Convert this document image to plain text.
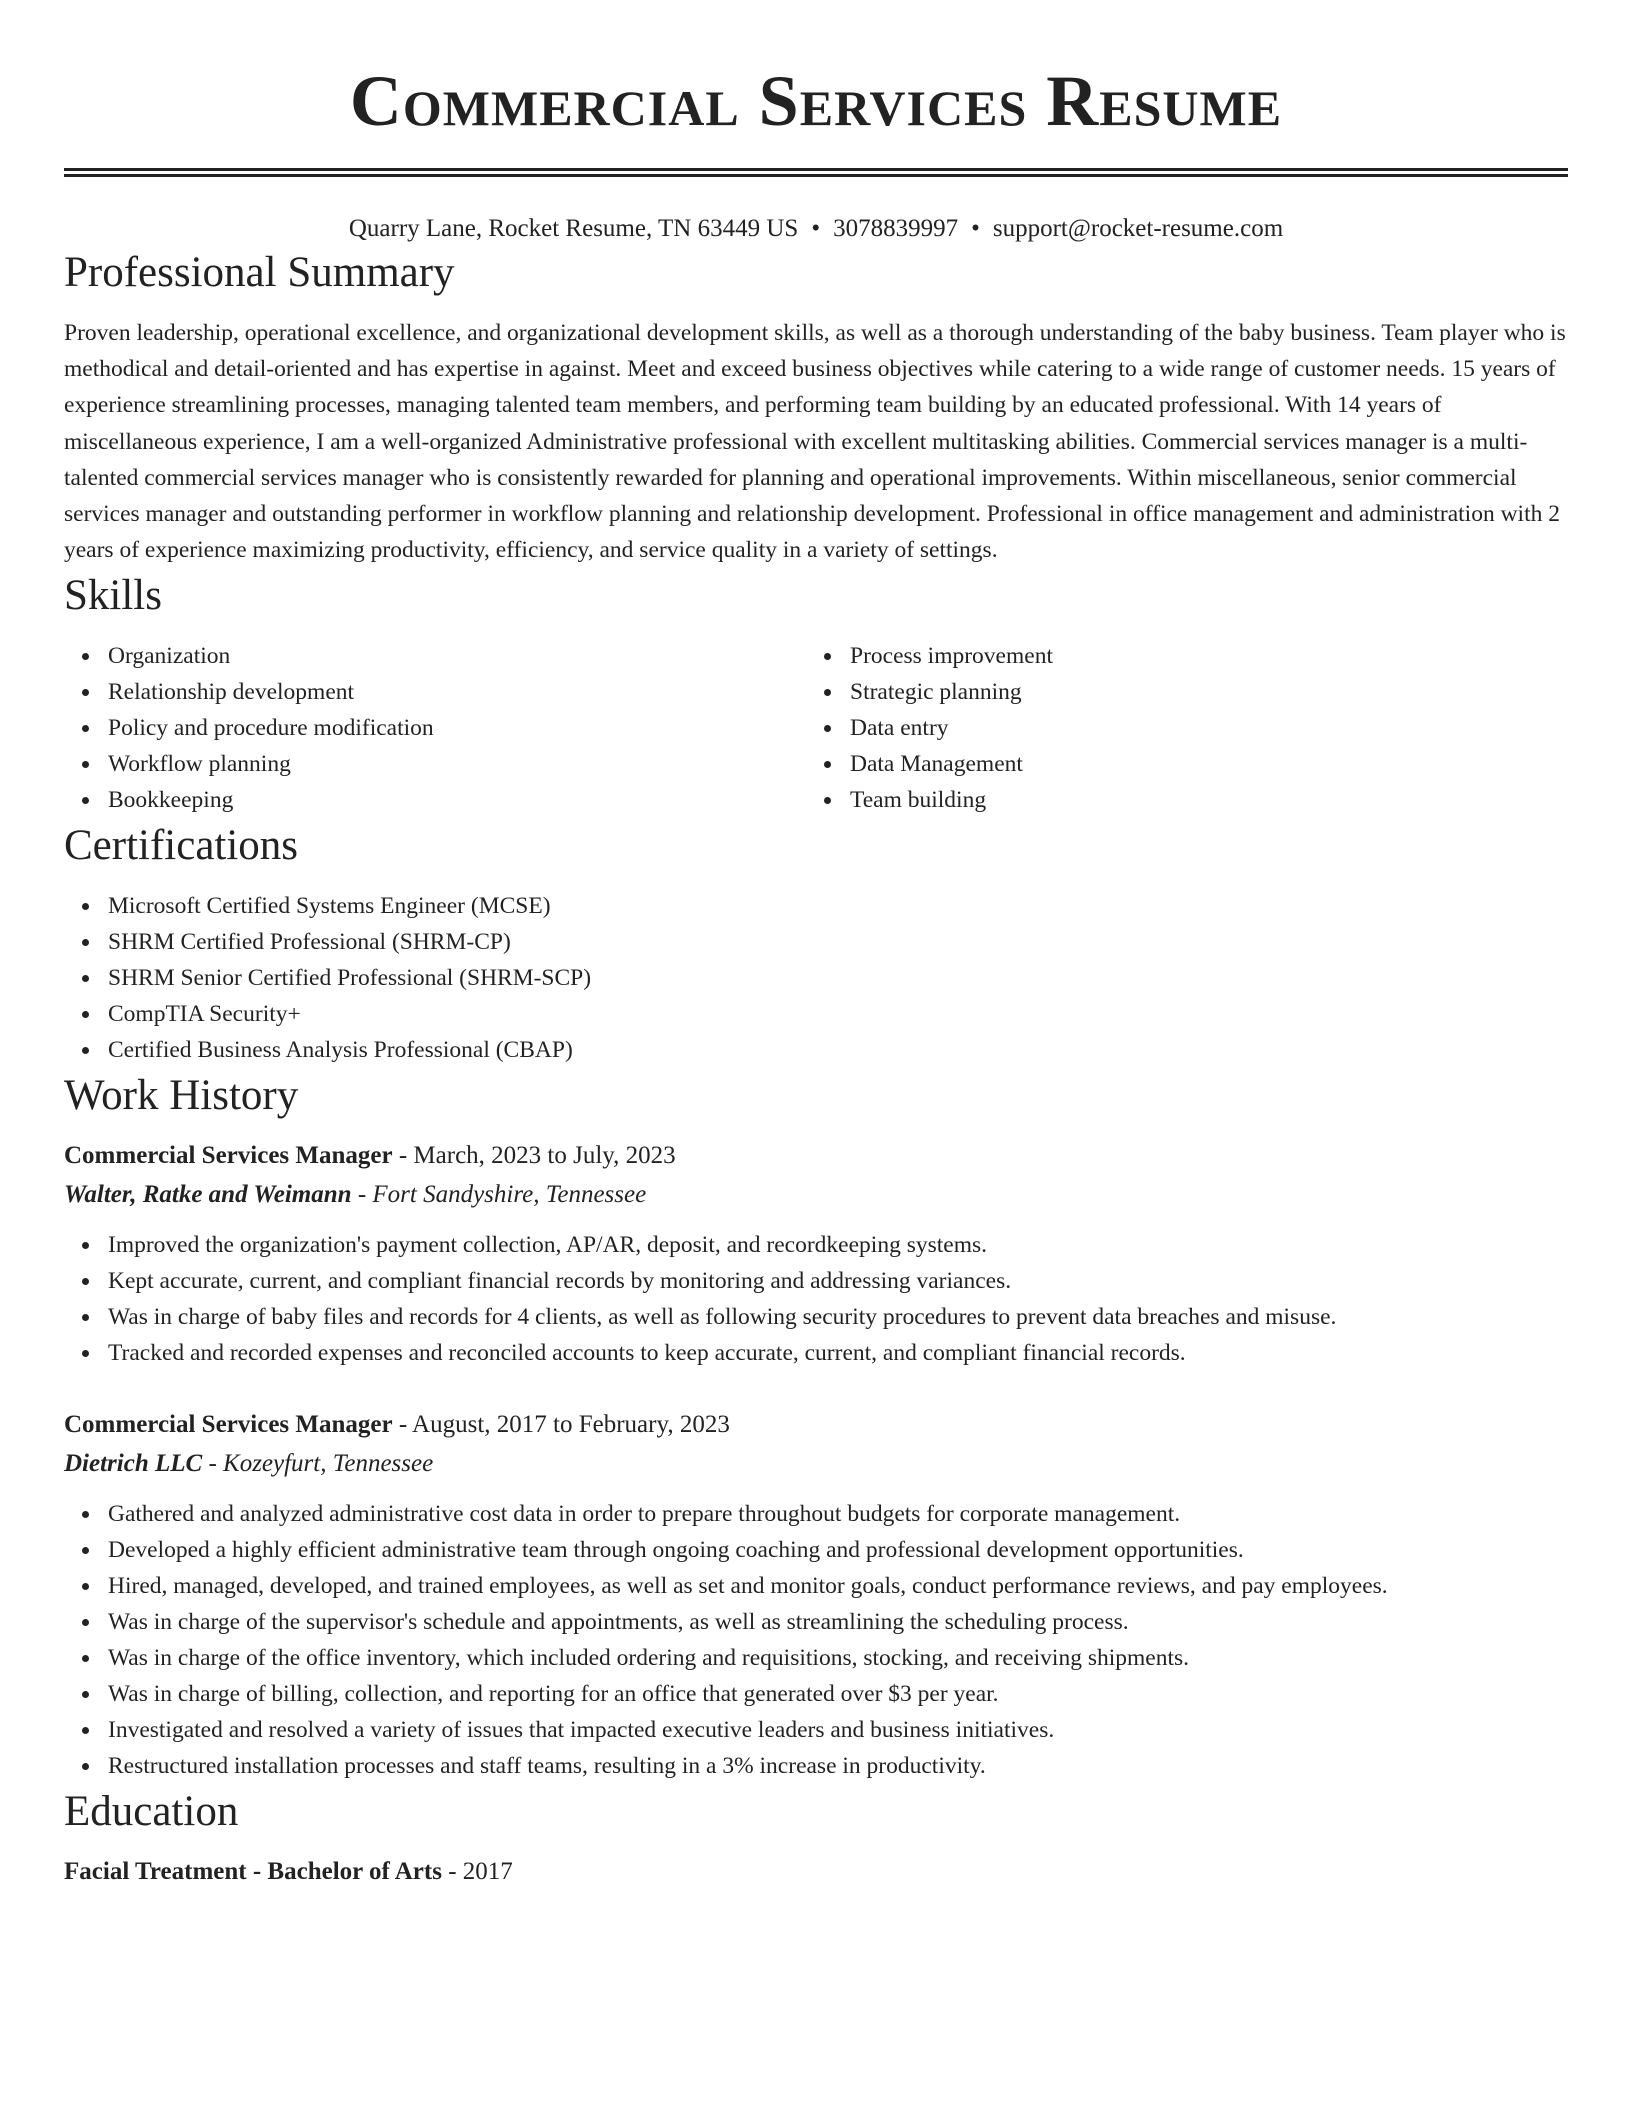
Commercial Services Resume
Quarry Lane, Rocket Resume, TN 63449 US • 3078839997 • support@rocket-resume.com
Professional Summary

Proven leadership, operational excellence, and organizational development skills, as well as a thorough understanding of the baby business. Team player who is methodical and detail-oriented and has expertise in against. Meet and exceed business objectives while catering to a wide range of customer needs. 15 years of experience streamlining processes, managing talented team members, and performing team building by an educated professional. With 14 years of miscellaneous experience, I am a well-organized Administrative professional with excellent multitasking abilities. Commercial services manager is a multi-talented commercial services manager who is consistently rewarded for planning and operational improvements. Within miscellaneous, senior commercial services manager and outstanding performer in workflow planning and relationship development. Professional in office management and administration with 2 years of experience maximizing productivity, efficiency, and service quality in a variety of settings.

Skills
Organization
Relationship development
Policy and procedure modification
Workflow planning
Bookkeeping
Process improvement
Strategic planning
Data entry
Data Management
Team building
Certifications
Microsoft Certified Systems Engineer (MCSE)
SHRM Certified Professional (SHRM-CP)
SHRM Senior Certified Professional (SHRM-SCP)
CompTIA Security+
Certified Business Analysis Professional (CBAP)
Work History
Commercial Services Manager - March, 2023 to July, 2023
Walter, Ratke and Weimann - Fort Sandyshire, Tennessee
Improved the organization's payment collection, AP/AR, deposit, and recordkeeping systems.
Kept accurate, current, and compliant financial records by monitoring and addressing variances.
Was in charge of baby files and records for 4 clients, as well as following security procedures to prevent data breaches and misuse.
Tracked and recorded expenses and reconciled accounts to keep accurate, current, and compliant financial records.
Commercial Services Manager - August, 2017 to February, 2023
Dietrich LLC - Kozeyfurt, Tennessee
Gathered and analyzed administrative cost data in order to prepare throughout budgets for corporate management.
Developed a highly efficient administrative team through ongoing coaching and professional development opportunities.
Hired, managed, developed, and trained employees, as well as set and monitor goals, conduct performance reviews, and pay employees.
Was in charge of the supervisor's schedule and appointments, as well as streamlining the scheduling process.
Was in charge of the office inventory, which included ordering and requisitions, stocking, and receiving shipments.
Was in charge of billing, collection, and reporting for an office that generated over $3 per year.
Investigated and resolved a variety of issues that impacted executive leaders and business initiatives.
Restructured installation processes and staff teams, resulting in a 3% increase in productivity.
Education
Facial Treatment - Bachelor of Arts - 2017
